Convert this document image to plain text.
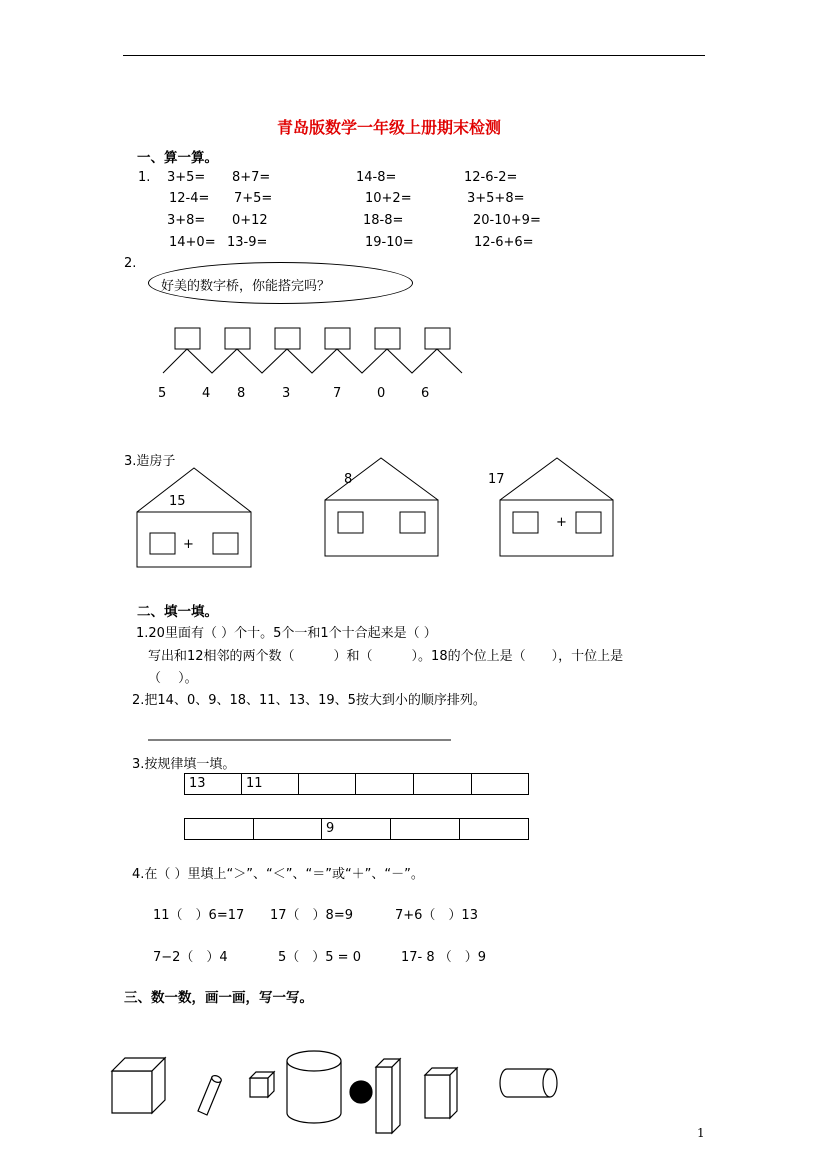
青岛版数学一年级上册期末检测
一、算一算。
1. 3+5= 8+7=	14-8=	12-6-2=
12-4= 7+5=	10+2=	3+5+8=
3+8= 0+12	18-8=	20-10+9=
14+0= 13-9=	19-10=	12-6+6=
2.
好美的数字桥，你能搭完吗？
5	4 8	3	7	0	6
3.造房子
15
+
8	17
+
二、填一填。
1.20里面有（ ）个十。5个一和1个十合起来是（ ）
写出和12相邻的两个数（　　　）和（　　　）。18的个位上是（　　），十位上是
（　 ）。
2.把14、0、9、18、11、13、19、5按大到小的顺序排列。
3.按规律填一填。
13	11
9
4.在（ ）里填上“＞”、“＜”、“＝”或“＋”、“－”。
11（　）6=17 17（　）8=9	7+6（　）13
7−2（　）4	5（　）5 = 0	17- 8 （　）9
三、数一数，画一画，写一写。
1
